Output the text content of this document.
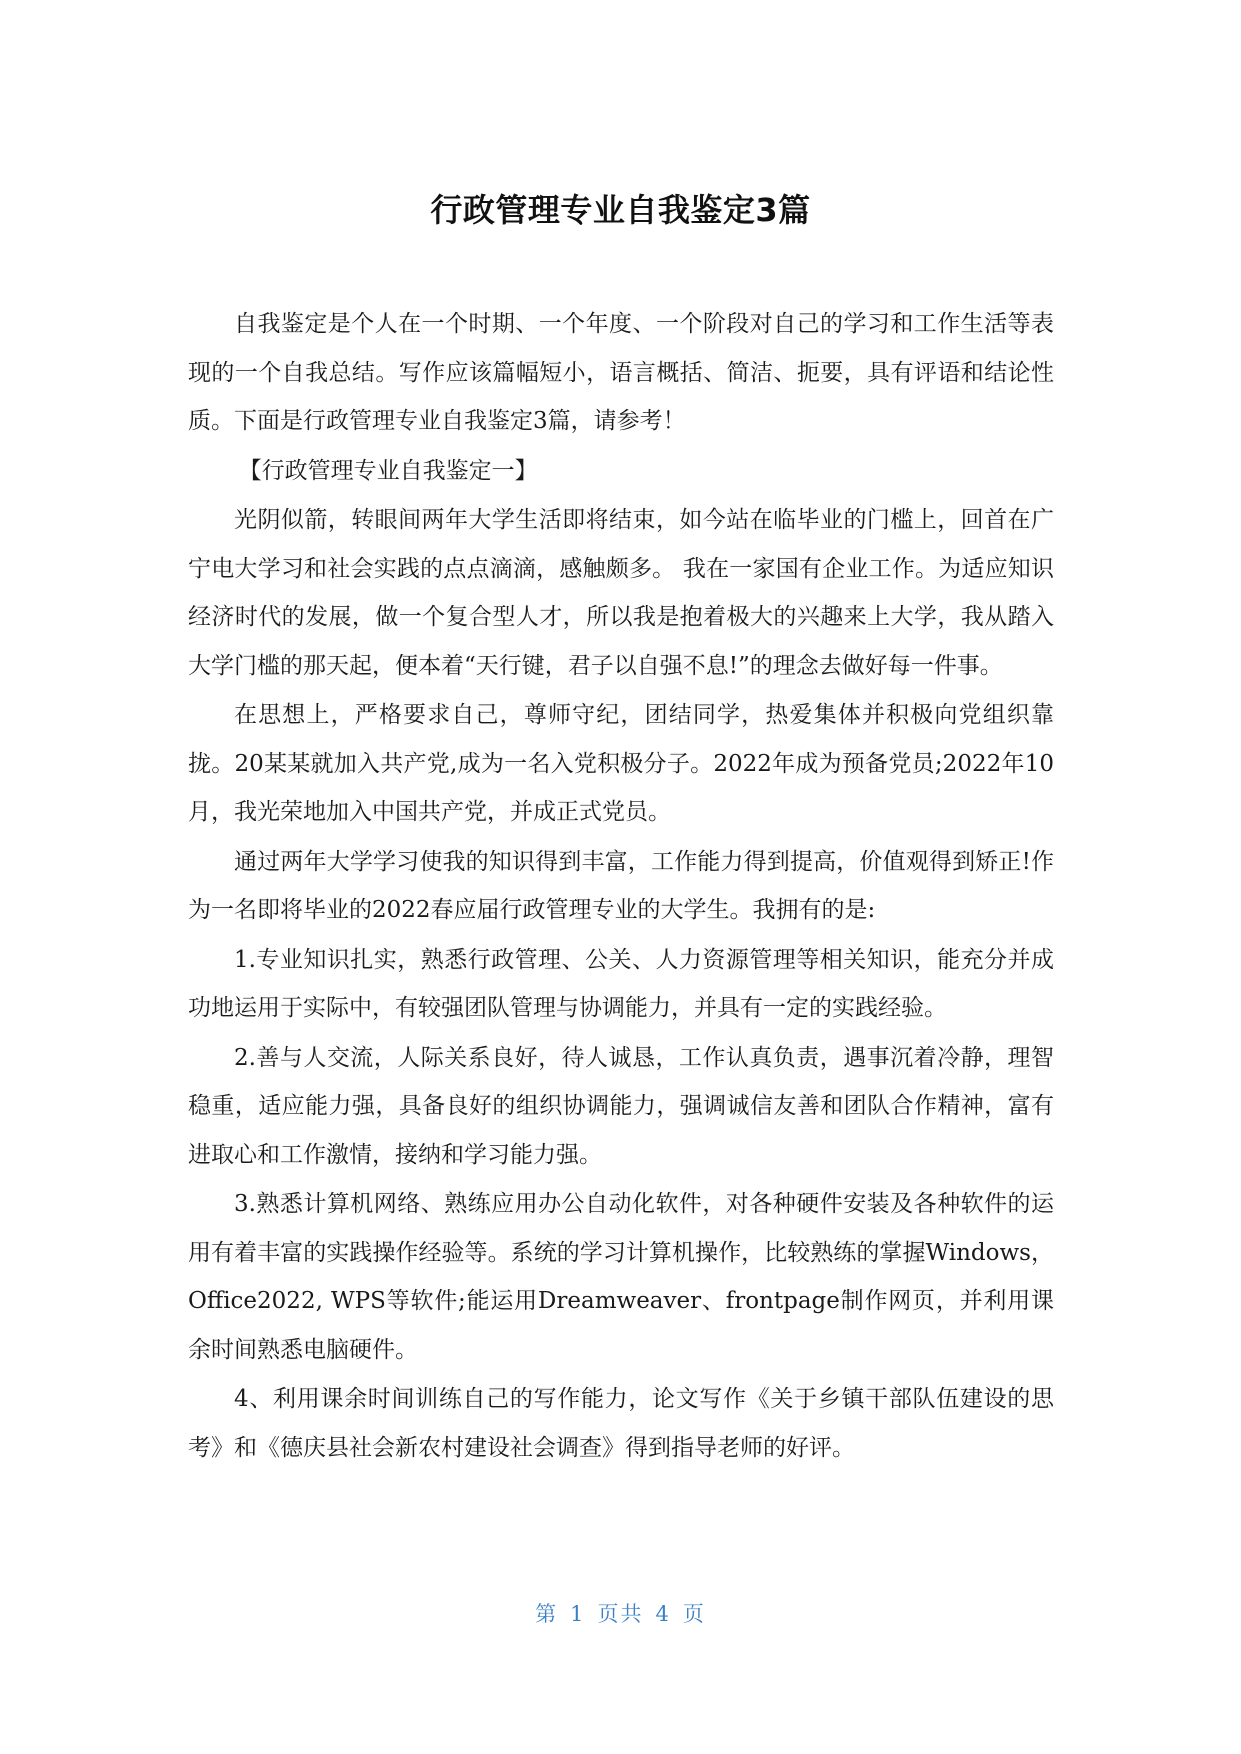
行政管理专业自我鉴定3篇

自我鉴定是个人在一个时期、一个年度、一个阶段对自己的学习和工作生活等表现的一个自我总结。写作应该篇幅短小，语言概括、简洁、扼要，具有评语和结论性质。下面是行政管理专业自我鉴定3篇，请参考！

【行政管理专业自我鉴定一】

光阴似箭，转眼间两年大学生活即将结束，如今站在临毕业的门槛上，回首在广宁电大学习和社会实践的点点滴滴，感触颇多。 我在一家国有企业工作。为适应知识经济时代的发展，做一个复合型人才，所以我是抱着极大的兴趣来上大学，我从踏入大学门槛的那天起，便本着“天行键，君子以自强不息!”的理念去做好每一件事。

在思想上，严格要求自己，尊师守纪，团结同学，热爱集体并积极向党组织靠拢。20某某就加入共产党,成为一名入党积极分子。2022年成为预备党员;2022年10月，我光荣地加入中国共产党，并成正式党员。

通过两年大学学习使我的知识得到丰富，工作能力得到提高，价值观得到矫正!作为一名即将毕业的2022春应届行政管理专业的大学生。我拥有的是:

1.专业知识扎实，熟悉行政管理、公关、人力资源管理等相关知识，能充分并成功地运用于实际中，有较强团队管理与协调能力，并具有一定的实践经验。

2.善与人交流，人际关系良好，待人诚恳，工作认真负责，遇事沉着冷静，理智稳重，适应能力强，具备良好的组织协调能力，强调诚信友善和团队合作精神，富有进取心和工作激情，接纳和学习能力强。

3.熟悉计算机网络、熟练应用办公自动化软件，对各种硬件安装及各种软件的运用有着丰富的实践操作经验等。系统的学习计算机操作，比较熟练的掌握Windows， Office2022, WPS等软件;能运用Dreamweaver、frontpage制作网页，并利用课余时间熟悉电脑硬件。

4、利用课余时间训练自己的写作能力，论文写作《关于乡镇干部队伍建设的思考》和《德庆县社会新农村建设社会调查》得到指导老师的好评。

第 1 页共 4 页
